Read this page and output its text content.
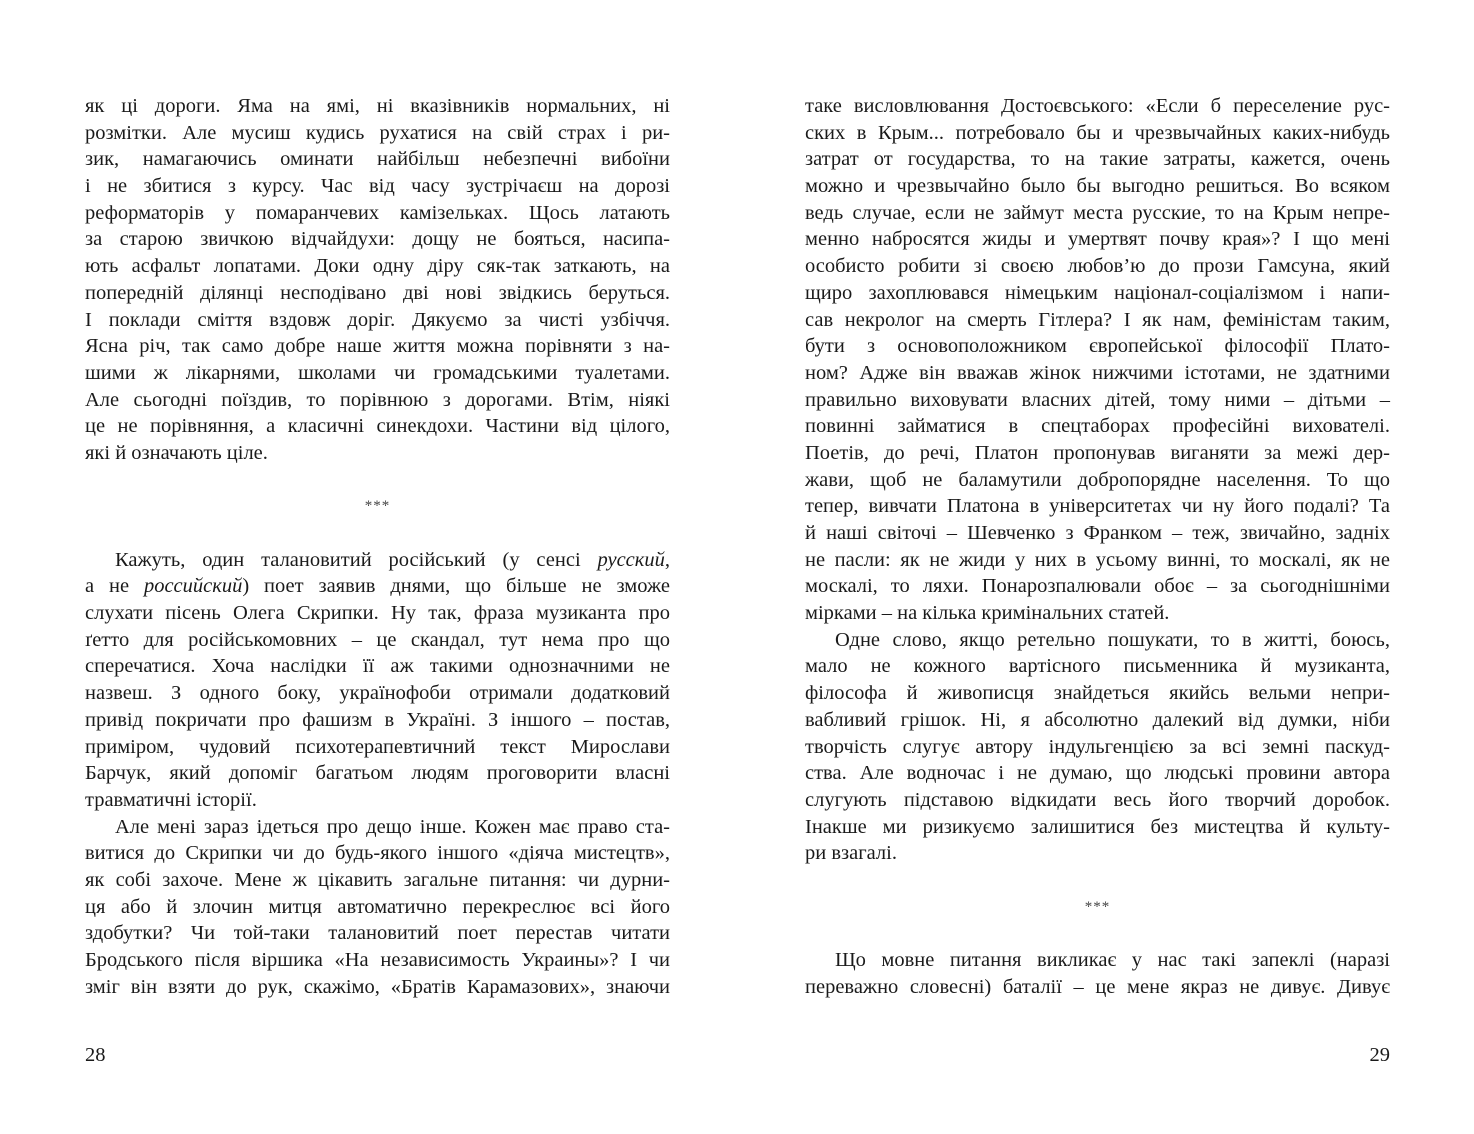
як ці дороги. Яма на ямі, ні вказівників нормальних, ні
розмітки. Але мусиш кудись рухатися на свій страх і ри-
зик, намагаючись оминати найбільш небезпечні вибоїни
і не збитися з курсу. Час від часу зустрічаєш на дорозі
реформаторів у помаранчевих камізельках. Щось латають
за старою звичкою відчайдухи: дощу не бояться, насипа-
ють асфальт лопатами. Доки одну діру сяк-так заткають, на
попередній ділянці несподівано дві нові звідкись беруться.
І поклади сміття вздовж доріг. Дякуємо за чисті узбіччя.
Ясна річ, так само добре наше життя можна порівняти з на-
шими ж лікарнями, школами чи громадськими туалетами.
Але сьогодні поїздив, то порівнюю з дорогами. Втім, ніякі
це не порівняння, а класичні синекдохи. Частини від цілого,
які й означають ціле.
***
Кажуть, один талановитий російський (у сенсі русский,
а не российский) поет заявив днями, що більше не зможе
слухати пісень Олега Скрипки. Ну так, фраза музиканта про
ґетто для російськомовних – це скандал, тут нема про що
сперечатися. Хоча наслідки її аж такими однозначними не
назвеш. З одного боку, українофоби отримали додатковий
привід покричати про фашизм в Україні. З іншого – постав,
приміром, чудовий психотерапевтичний текст Мирослави
Барчук, який допоміг багатьом людям проговорити власні
травматичні історії.
Але мені зараз ідеться про дещо інше. Кожен має право ста-
витися до Скрипки чи до будь-якого іншого «діяча мистецтв»,
як собі захоче. Мене ж цікавить загальне питання: чи дурни-
ця або й злочин митця автоматично перекреслює всі його
здобутки? Чи той-таки талановитий поет перестав читати
Бродського після віршика «На независимость Украины»? І чи
зміг він взяти до рук, скажімо, «Братів Карамазових», знаючи
28
таке висловлювання Достоєвського: «Если б переселение рус-
ских в Крым... потребовало бы и чрезвычайных каких-нибудь
затрат от государства, то на такие затраты, кажется, очень
можно и чрезвычайно было бы выгодно решиться. Во всяком
ведь случае, если не займут места русские, то на Крым непре-
менно набросятся жиды и умертвят почву края»? І що мені
особисто робити зі своєю любов’ю до прози Гамсуна, який
щиро захоплювався німецьким націонал-соціалізмом і напи-
сав некролог на смерть Гітлера? І як нам, феміністам таким,
бути з основоположником європейської філософії Плато-
ном? Адже він вважав жінок нижчими істотами, не здатними
правильно виховувати власних дітей, тому ними – дітьми –
повинні займатися в спецтаборах професійні вихователі.
Поетів, до речі, Платон пропонував виганяти за межі дер-
жави, щоб не баламутили добропорядне населення. То що
тепер, вивчати Платона в університетах чи ну його подалі? Та
й наші світочі – Шевченко з Франком – теж, звичайно, задніх
не пасли: як не жиди у них в усьому винні, то москалі, як не
москалі, то ляхи. Понарозпалювали обоє – за сьогоднішніми
мірками – на кілька кримінальних статей.
Одне слово, якщо ретельно пошукати, то в житті, боюсь,
мало не кожного вартісного письменника й музиканта,
філософа й живописця знайдеться якийсь вельми непри-
вабливий грішок. Ні, я абсолютно далекий від думки, ніби
творчість слугує автору індульгенцією за всі земні паскуд-
ства. Але водночас і не думаю, що людські провини автора
слугують підставою відкидати весь його творчий доробок.
Інакше ми ризикуємо залишитися без мистецтва й культу-
ри взагалі.
***
Що мовне питання викликає у нас такі запеклі (наразі
переважно словесні) баталії – це мене якраз не дивує. Дивує
29
